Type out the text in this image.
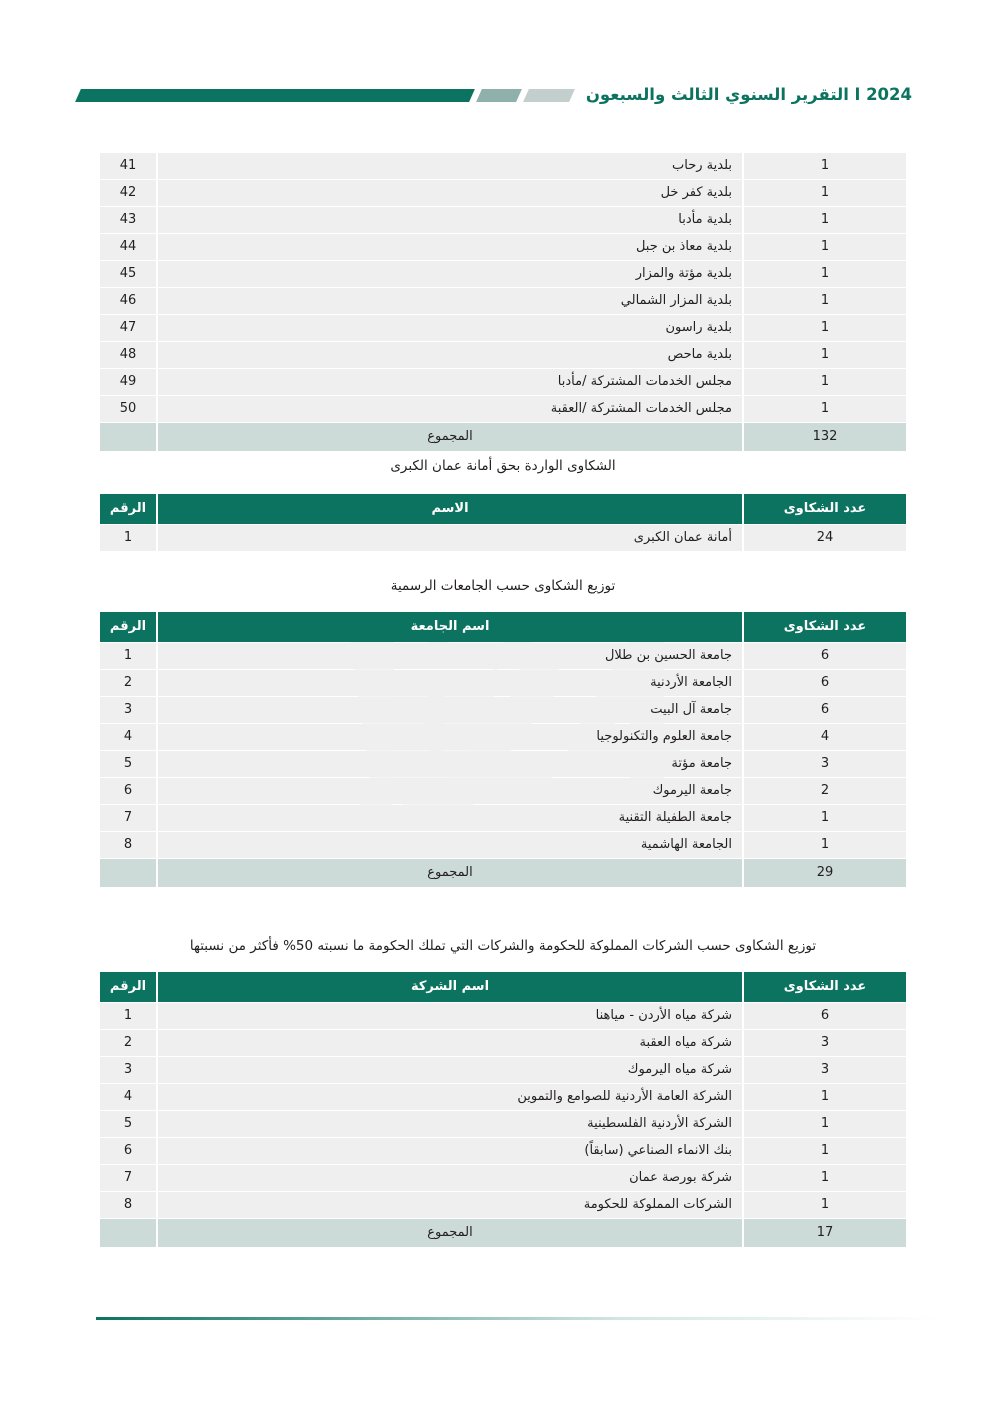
2024 ا التقرير السنوي الثالث والسبعون
1	بلدية رحاب	41
1	بلدية كفر خل	42
1	بلدية مأدبا	43
1	بلدية معاذ بن جبل	44
1	بلدية مؤتة والمزار	45
1	بلدية المزار الشمالي	46
1	بلدية راسون	47
1	بلدية ماحص	48
1	مجلس الخدمات المشتركة /مأدبا	49
1	مجلس الخدمات المشتركة /العقبة	50
132	المجموع	
الشكاوى الواردة بحق أمانة عمان الكبرى
عدد الشكاوى	الاسم	الرقم
24	أمانة عمان الكبرى	1
توزيع الشكاوى حسب الجامعات الرسمية
عدد الشكاوى	اسم الجامعة	الرقم
6	جامعة الحسين بن طلال	1
6	الجامعة الأردنية	2
6	جامعة آل البيت	3
4	جامعة العلوم والتكنولوجيا	4
3	جامعة مؤتة	5
2	جامعة اليرموك	6
1	جامعة الطفيلة التقنية	7
1	الجامعة الهاشمية	8
29	المجموع	
توزيع الشكاوى حسب الشركات المملوكة للحكومة والشركات التي تملك الحكومة ما نسبته 50% فأكثر من نسبتها
عدد الشكاوى	اسم الشركة	الرقم
6	شركة مياه الأردن - مياهنا	1
3	شركة مياه العقبة	2
3	شركة مياه اليرموك	3
1	الشركة العامة الأردنية للصوامع والتموين	4
1	الشركة الأردنية الفلسطينية	5
1	بنك الانماء الصناعي (سابقاً)	6
1	شركة بورصة عمان	7
1	الشركات المملوكة للحكومة	8
17	المجموع	
